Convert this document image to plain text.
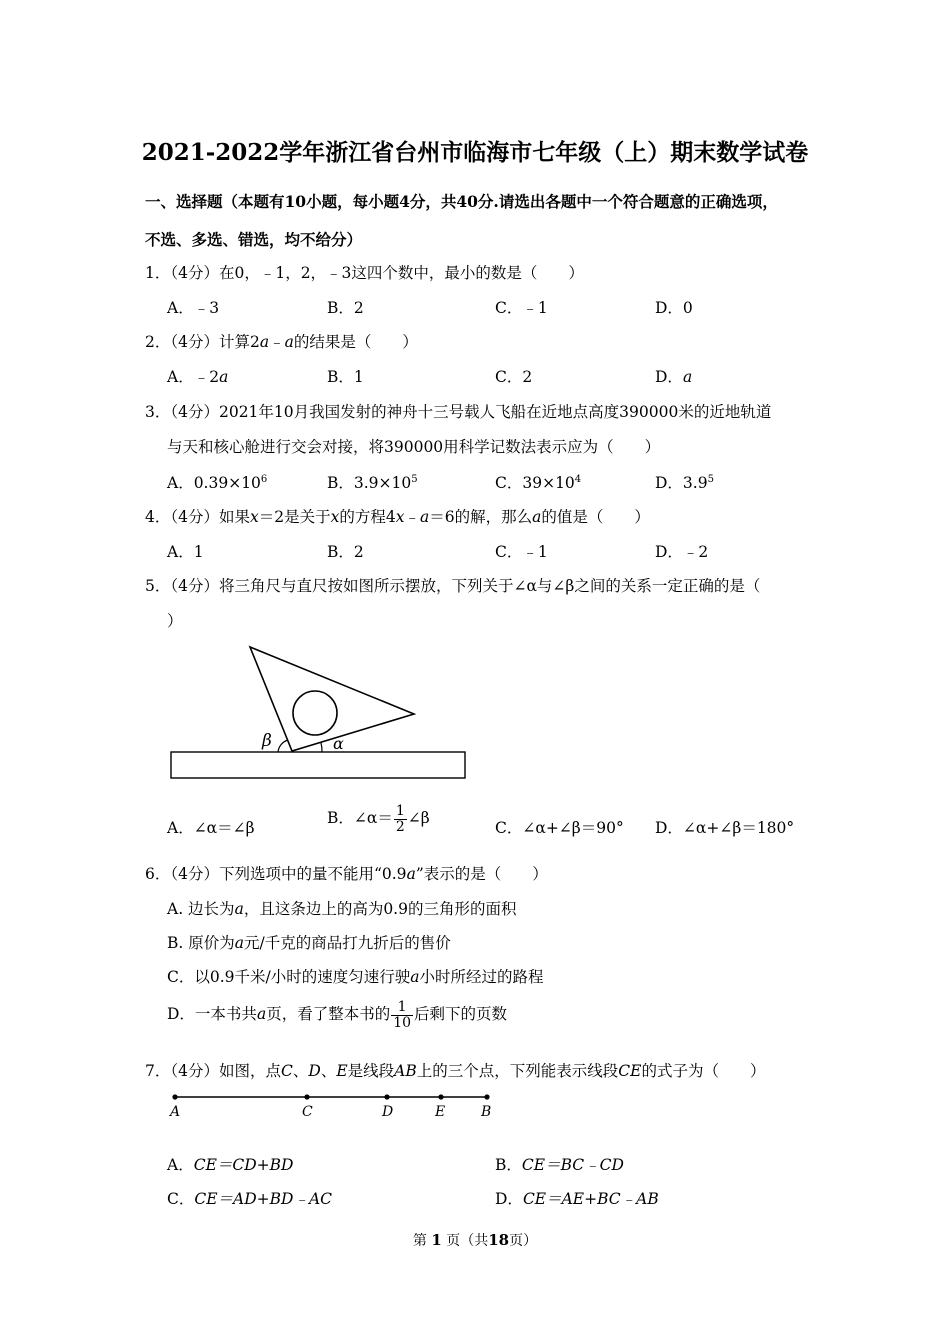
2021-2022学年浙江省台州市临海市七年级（上）期末数学试卷
一、选择题（本题有10小题，每小题4分，共40分.请选出各题中一个符合题意的正确选项，
不选、多选、错选，均不给分）
1．（4分）在0，﹣1，2，﹣3这四个数中，最小的数是（　　）
A．﹣3	B．2	C．﹣1	D．0
2．（4分）计算2a﹣a的结果是（　　）
A．﹣2a	B．1	C．2	D．a
3．（4分）2021年10月我国发射的神舟十三号载人飞船在近地点高度390000米的近地轨道
与天和核心舱进行交会对接，将390000用科学记数法表示应为（　　）
A．$0.39\times 10^6$	B．$3.9\times 10^5$	C．$39\times 10^4$	D．$3.9^5$
4．（4分）如果x＝2是关于x的方程4x﹣a＝6的解，那么a的值是（　　）
A．1	B．2	C．﹣1	D．﹣2
5．（4分）将三角尺与直尺按如图所示摆放，下列关于∠α与∠β之间的关系一定正确的是（
）
β	α
A．∠α＝∠β
B．∠α＝ $\frac{1}{2}$ ∠β
C．∠α+∠β＝90° D．∠α+∠β＝180°
6．（4分）下列选项中的量不能用“0.9a”表示的是（　　）
A. 边长为a，且这条边上的高为0.9的三角形的面积
B. 原价为a元/千克的商品打九折后的售价
C．以0.9千米/小时的速度匀速行驶a小时所经过的路程
D．一本书共a页，看了整本书的 $\frac{1}{10}$ 后剩下的页数
7．（4分）如图，点C、D、E是线段AB上的三个点，下列能表示线段CE的式子为（　　）
A	C	D	E	B
A．CE＝CD+BD	B．CE＝BC﹣CD
C．CE＝AD+BD﹣AC	D．CE＝AE+BC﹣AB
第 1 页（共18页）
